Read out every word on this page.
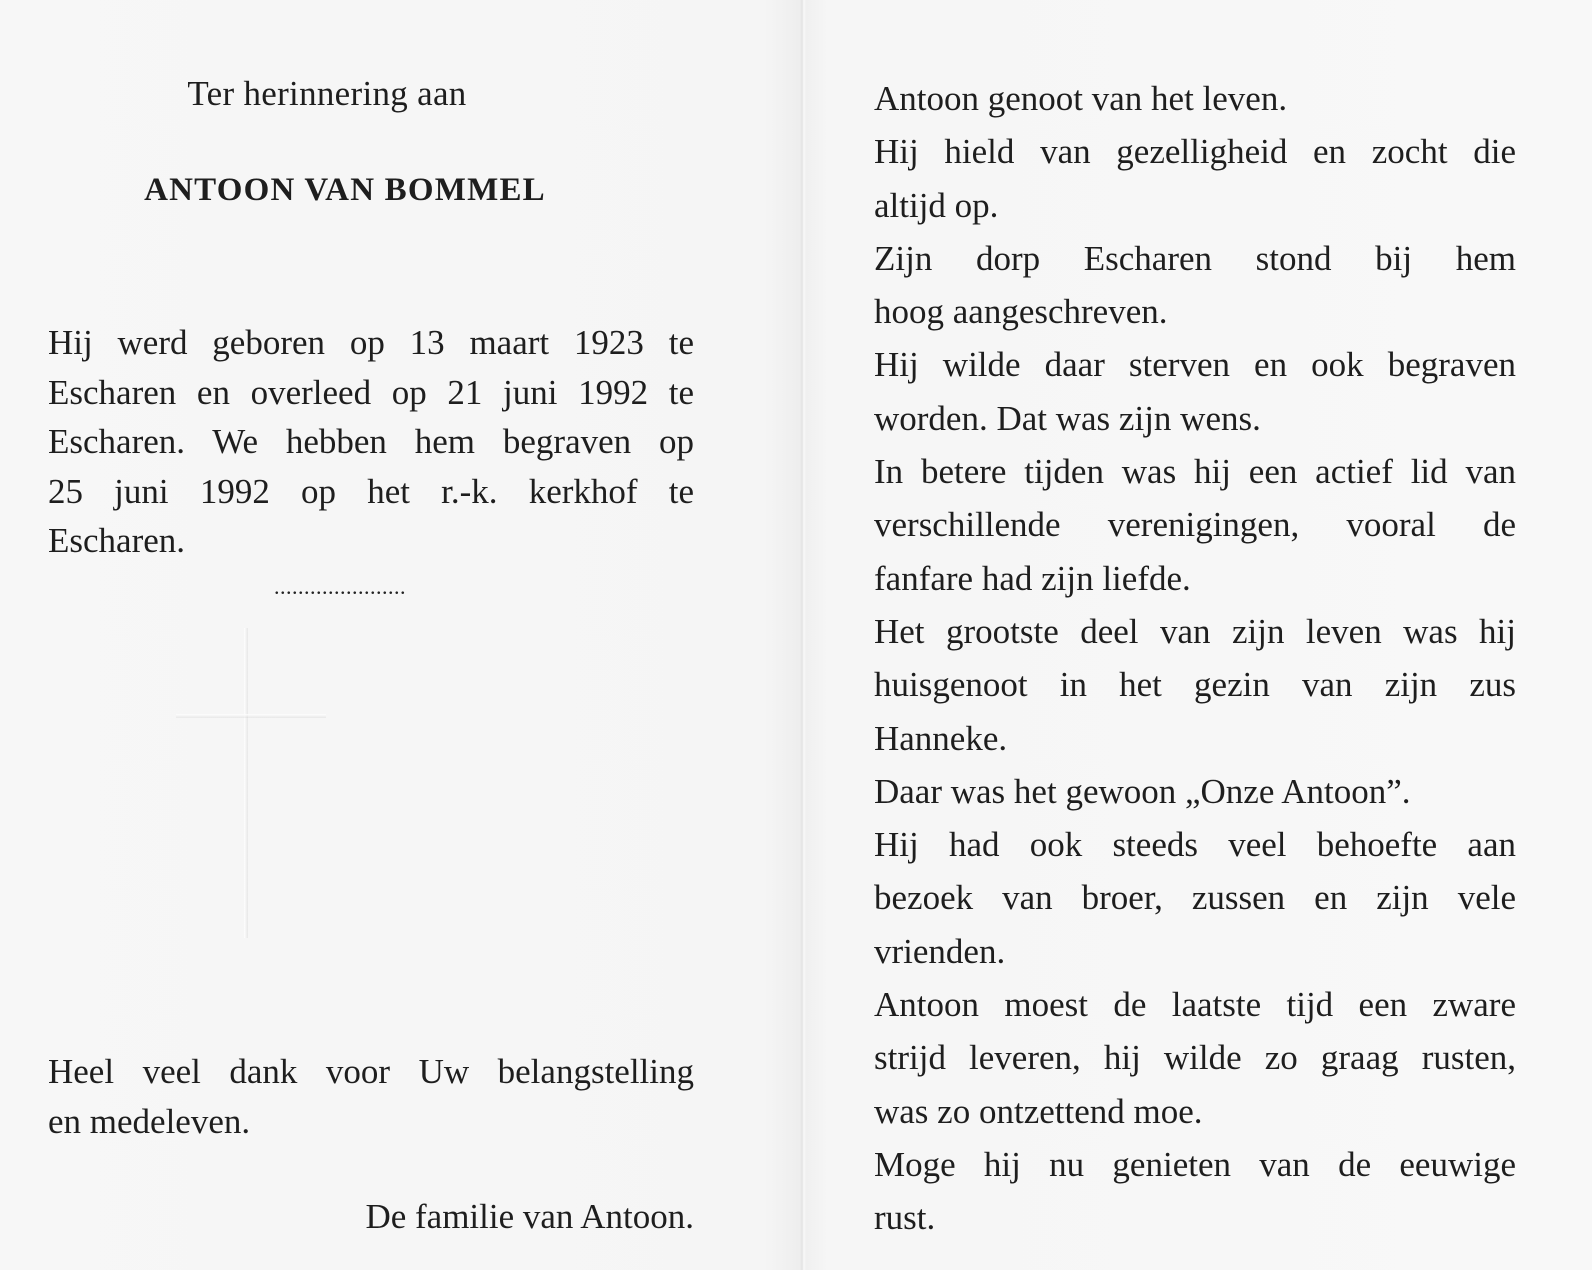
Ter herinnering aan
ANTOON VAN BOMMEL
Hij werd geboren op 13 maart 1923 te
Escharen en overleed op 21 juni 1992 te
Escharen. We hebben hem begraven op
25 juni 1992 op het r.-k. kerkhof te
Escharen.
......................
Heel veel dank voor Uw belangstelling
en medeleven.
De familie van Antoon.
Antoon genoot van het leven.
Hij hield van gezelligheid en zocht die
altijd op.
Zijn dorp Escharen stond bij hem
hoog aangeschreven.
Hij wilde daar sterven en ook begraven
worden. Dat was zijn wens.
In betere tijden was hij een actief lid van
verschillende verenigingen, vooral de
fanfare had zijn liefde.
Het grootste deel van zijn leven was hij
huisgenoot in het gezin van zijn zus
Hanneke.
Daar was het gewoon „Onze Antoon”.
Hij had ook steeds veel behoefte aan
bezoek van broer, zussen en zijn vele
vrienden.
Antoon moest de laatste tijd een zware
strijd leveren, hij wilde zo graag rusten,
was zo ontzettend moe.
Moge hij nu genieten van de eeuwige
rust.
